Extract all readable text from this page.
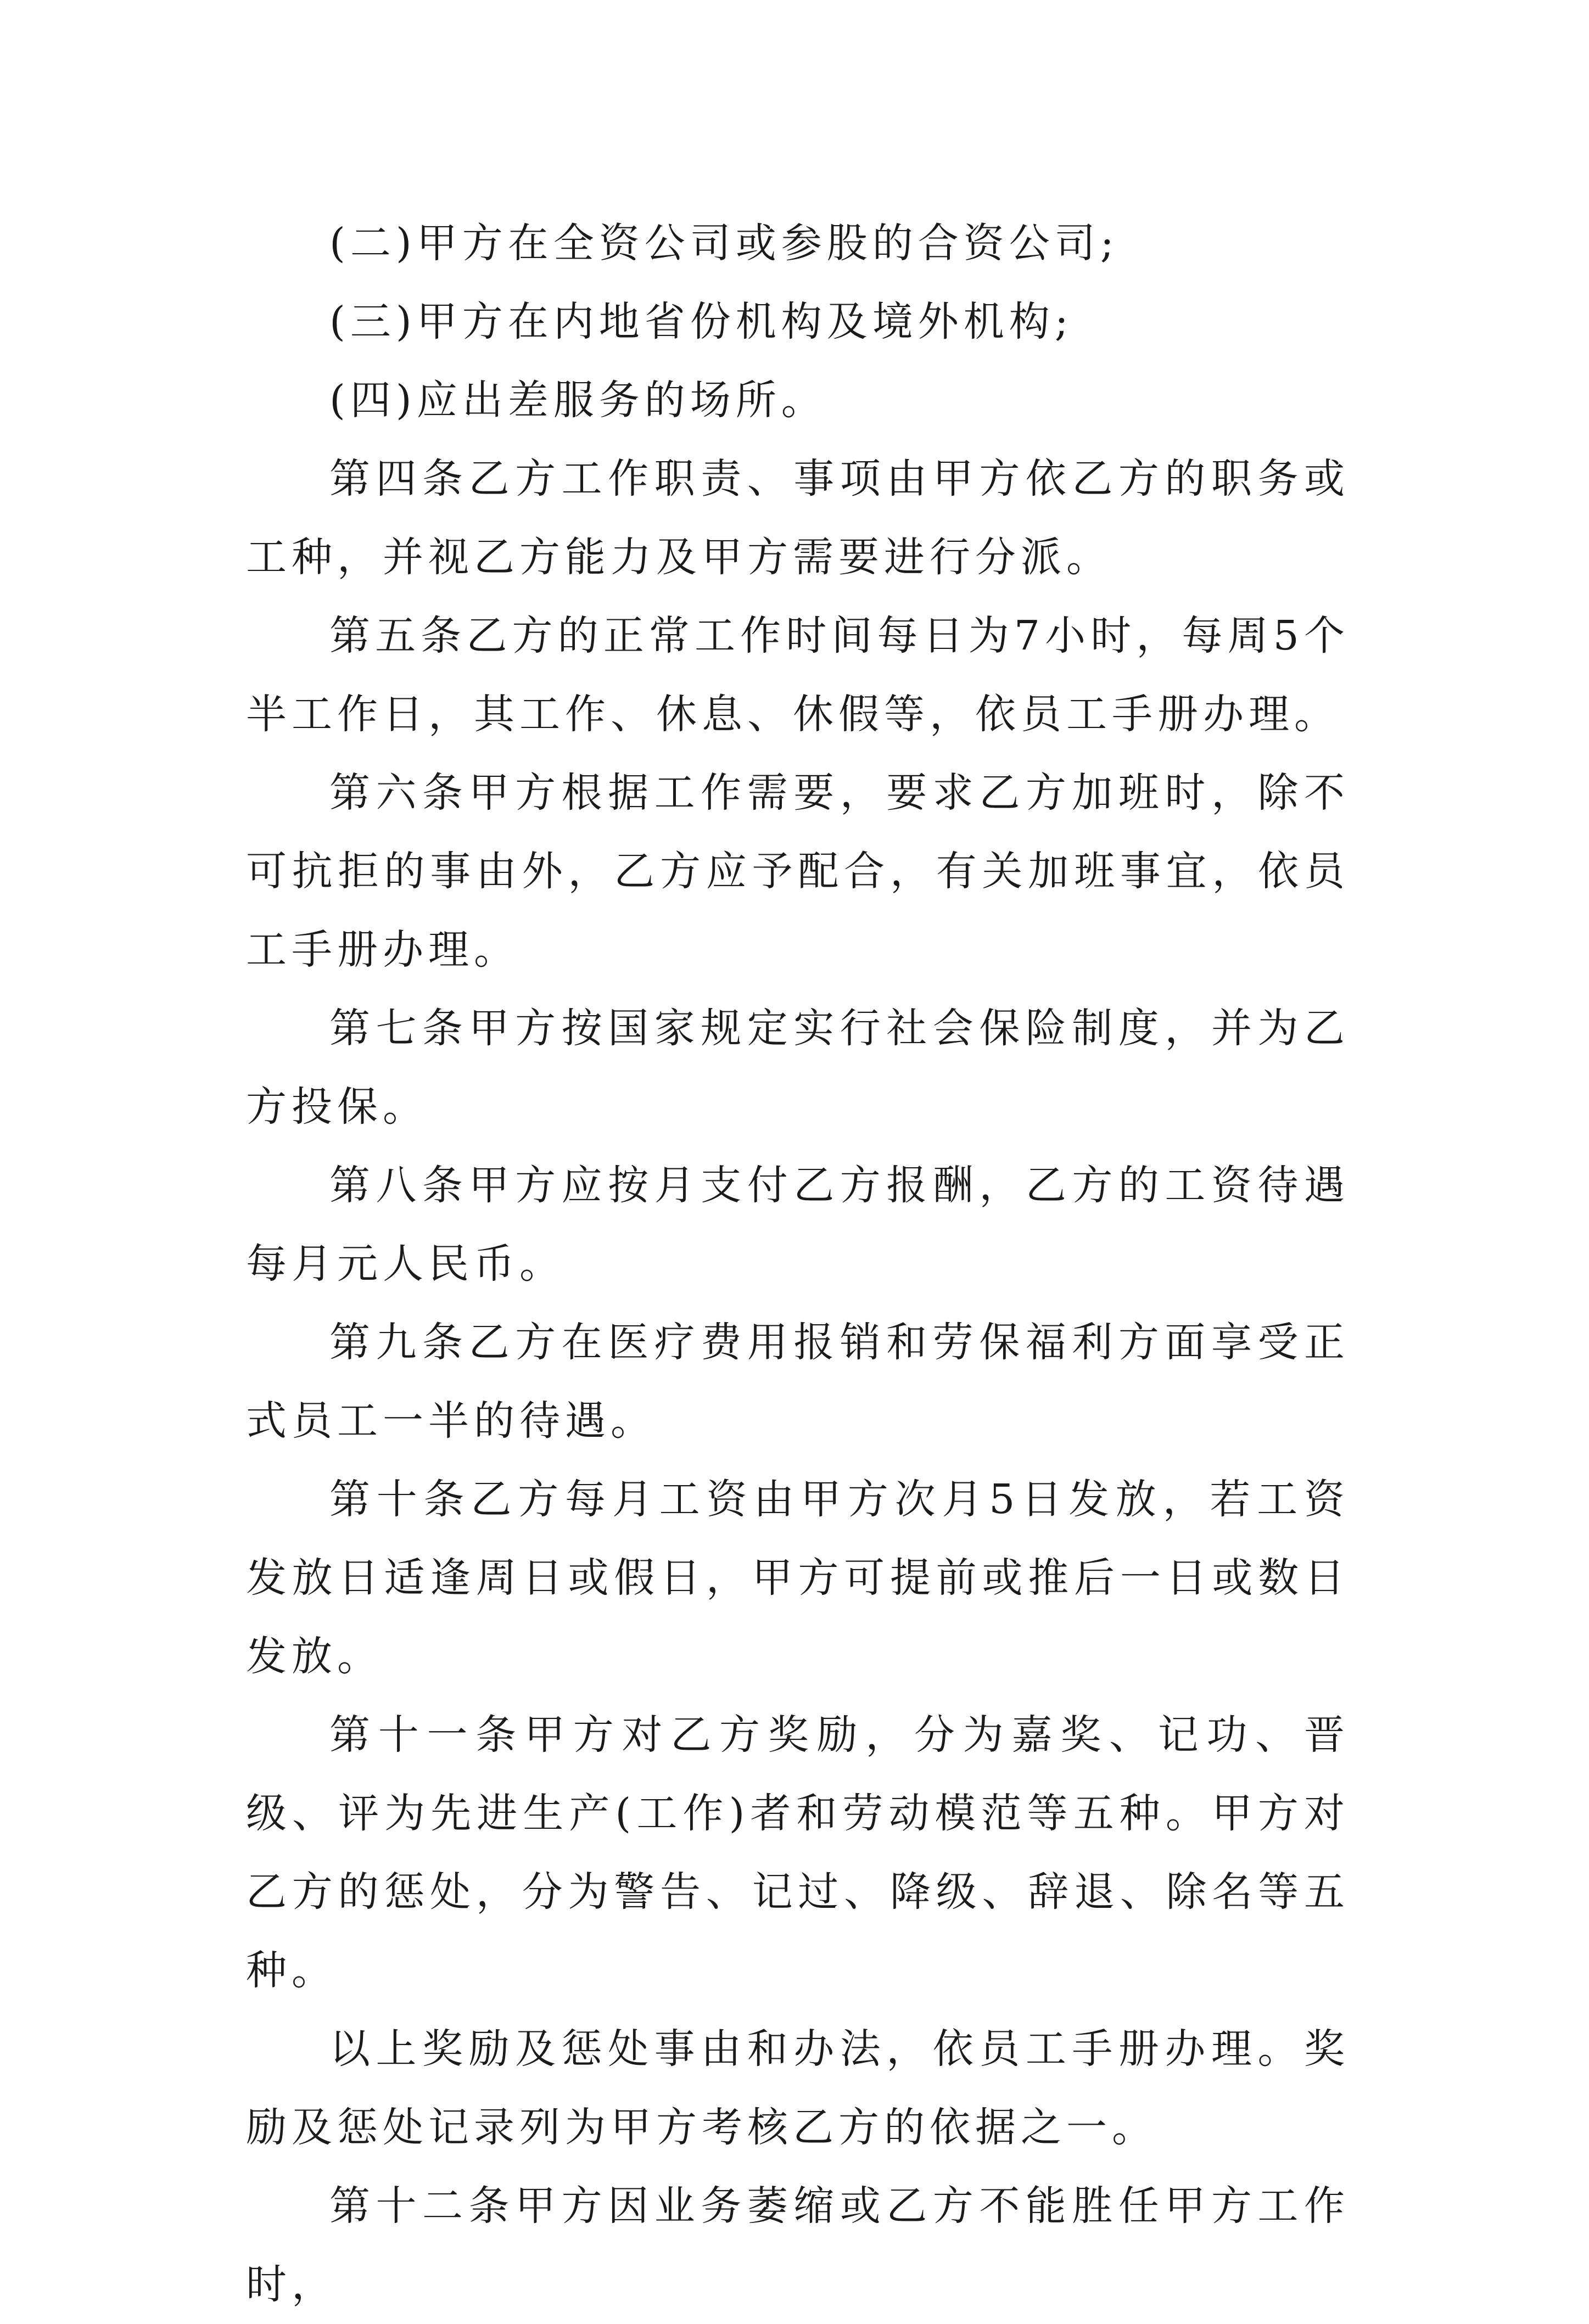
(二)甲方在全资公司或参股的合资公司;

(三)甲方在内地省份机构及境外机构;

(四)应出差服务的场所。

第四条乙方工作职责、事项由甲方依乙方的职务或工种，并视乙方能力及甲方需要进行分派。

第五条乙方的正常工作时间每日为7小时，每周5个半工作日，其工作、休息、休假等，依员工手册办理。

第六条甲方根据工作需要，要求乙方加班时，除不可抗拒的事由外，乙方应予配合，有关加班事宜，依员工手册办理。

第七条甲方按国家规定实行社会保险制度，并为乙方投保。

第八条甲方应按月支付乙方报酬，乙方的工资待遇每月元人民币。

第九条乙方在医疗费用报销和劳保福利方面享受正式员工一半的待遇。

第十条乙方每月工资由甲方次月5日发放，若工资发放日适逢周日或假日，甲方可提前或推后一日或数日发放。

第十一条甲方对乙方奖励，分为嘉奖、记功、晋级、评为先进生产(工作)者和劳动模范等五种。甲方对乙方的惩处，分为警告、记过、降级、辞退、除名等五种。

以上奖励及惩处事由和办法，依员工手册办理。奖励及惩处记录列为甲方考核乙方的依据之一。

第十二条甲方因业务萎缩或乙方不能胜任甲方工作时，
